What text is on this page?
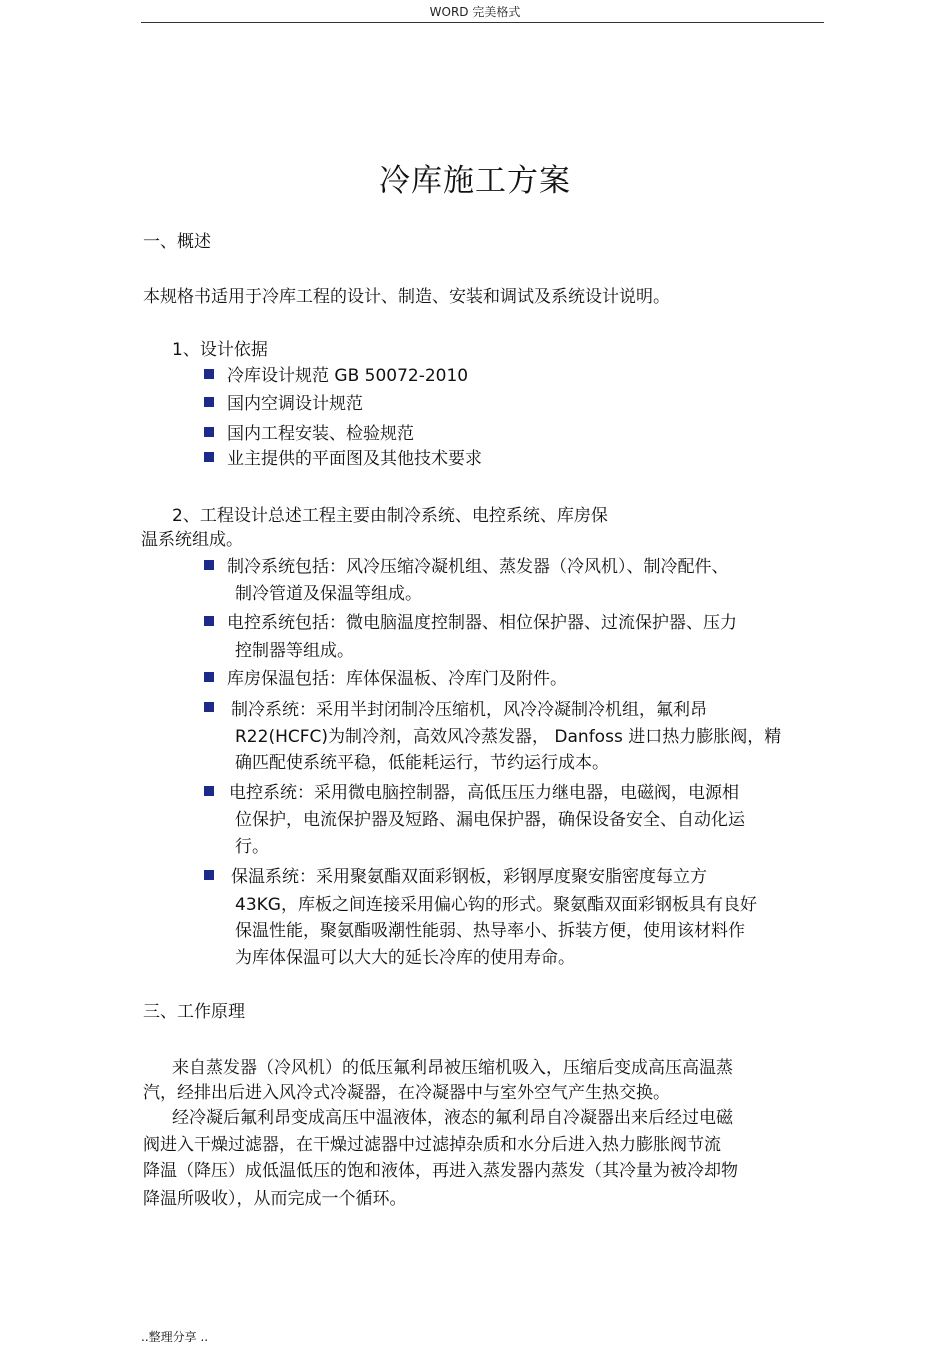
WORD 完美格式
冷库施工方案
一、概述
本规格书适用于冷库工程的设计、制造、安装和调试及系统设计说明。
1、设计依据
冷库设计规范 GB 50072-2010
国内空调设计规范
国内工程安装、检验规范
业主提供的平面图及其他技术要求
2、工程设计总述工程主要由制冷系统、电控系统、库房保
温系统组成。
制冷系统包括：风冷压缩冷凝机组、蒸发器（冷风机）、制冷配件、
制冷管道及保温等组成。
电控系统包括：微电脑温度控制器、相位保护器、过流保护器、压力
控制器等组成。
库房保温包括：库体保温板、冷库门及附件。
制冷系统：采用半封闭制冷压缩机，风冷冷凝制冷机组，氟利昂
R22(HCFC)为制冷剂，高效风冷蒸发器， Danfoss 进口热力膨胀阀，精
确匹配使系统平稳，低能耗运行，节约运行成本。
电控系统：采用微电脑控制器，高低压压力继电器，电磁阀，电源相
位保护，电流保护器及短路、漏电保护器，确保设备安全、自动化运
行。
保温系统：采用聚氨酯双面彩钢板，彩钢厚度聚安脂密度每立方
43KG，库板之间连接采用偏心钩的形式。聚氨酯双面彩钢板具有良好
保温性能，聚氨酯吸潮性能弱、热导率小、拆装方便，使用该材料作
为库体保温可以大大的延长冷库的使用寿命。
三、工作原理
来自蒸发器（冷风机）的低压氟利昂被压缩机吸入，压缩后变成高压高温蒸
汽，经排出后进入风冷式冷凝器，在冷凝器中与室外空气产生热交换。
经冷凝后氟利昂变成高压中温液体，液态的氟利昂自冷凝器出来后经过电磁
阀进入干燥过滤器，在干燥过滤器中过滤掉杂质和水分后进入热力膨胀阀节流
降温（降压）成低温低压的饱和液体，再进入蒸发器内蒸发（其冷量为被冷却物
降温所吸收），从而完成一个循环。
..整理分享 ..
